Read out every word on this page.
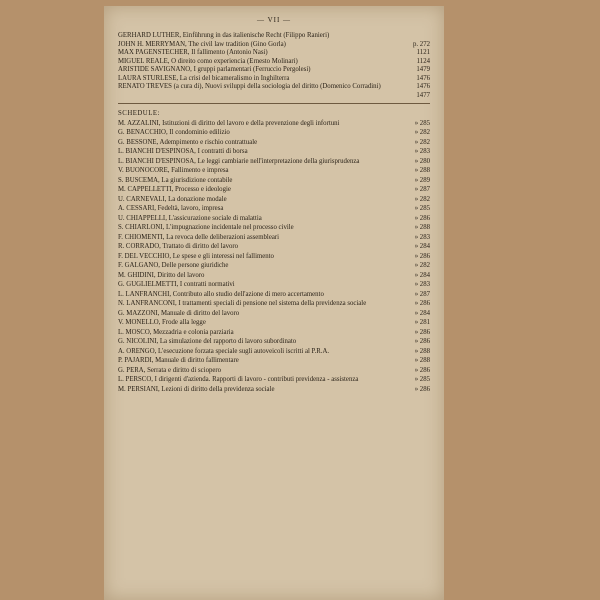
— VII —
GERHARD LUTHER, Einführung in das italienische Recht (Filippo Ranieri)
JOHN H. MERRYMAN, The civil law tradition (Gino Gorla)	p. 272
MAX PAGENSTECHER, Il fallimento (Antonio Nasi)	1121
MIGUEL REALE, O direito como experiencia (Ernesto Molinari)	1124
ARISTIDE SAVIGNANO, I gruppi parlamentari (Ferruccio Pergolesi)	1479
LAURA STURLESE, La crisi del bicameralismo in Inghilterra	1476
RENATO TREVES (a cura di), Nuovi sviluppi della sociologia del diritto (Domenico Corradini)	1476

1477
SCHEDULE:
M. AZZALINI, Istituzioni di diritto del lavoro e della prevenzione degli infortuni	» 285
G. BENACCHIO, Il condominio edilizio	» 282
G. BESSONE, Adempimento e rischio contrattuale	» 282
L. BIANCHI D'ESPINOSA, I contratti di borsa	» 283
L. BIANCHI D'ESPINOSA, Le leggi cambiarie nell'interpretazione della giurisprudenza	» 280
V. BUONOCORE, Fallimento e impresa	» 288
S. BUSCEMA, La giurisdizione contabile	» 289
M. CAPPELLETTI, Processo e ideologie	» 287
U. CARNEVALI, La donazione modale	» 282
A. CESSARI, Fedeltà, lavoro, impresa	» 285
U. CHIAPPELLI, L'assicurazione sociale di malattia	» 286
S. CHIARLONI, L'impugnazione incidentale nel processo civile	» 288
F. CHIOMENTI, La revoca delle deliberazioni assembleari	» 283
R. CORRADO, Trattato di diritto del lavoro	» 284
F. DEL VECCHIO, Le spese e gli interessi nel fallimento	» 286
F. GALGANO, Delle persone giuridiche	» 282
M. GHIDINI, Diritto del lavoro	» 284
G. GUGLIELMETTI, I contratti normativi	» 283
L. LANFRANCHI, Contributo allo studio dell'azione di mero accertamento	» 287
N. LANFRANCONI, I trattamenti speciali di pensione nel sistema della previdenza sociale	» 286
G. MAZZONI, Manuale di diritto del lavoro	» 284
V. MONELLO, Frode alla legge	» 281
L. MOSCO, Mezzadria e colonia parziaria	» 286
G. NICOLINI, La simulazione del rapporto di lavoro subordinato	» 286
A. ORENGO, L'esecuzione forzata speciale sugli autoveicoli iscritti al P.R.A.	» 288
P. PAJARDI, Manuale di diritto fallimentare	» 288
G. PERA, Serrata e diritto di sciopero	» 286
L. PERSCO, I dirigenti d'azienda. Rapporti di lavoro - contributi previdenza - assistenza	» 285
M. PERSIANI, Lezioni di diritto della previdenza sociale	» 286
